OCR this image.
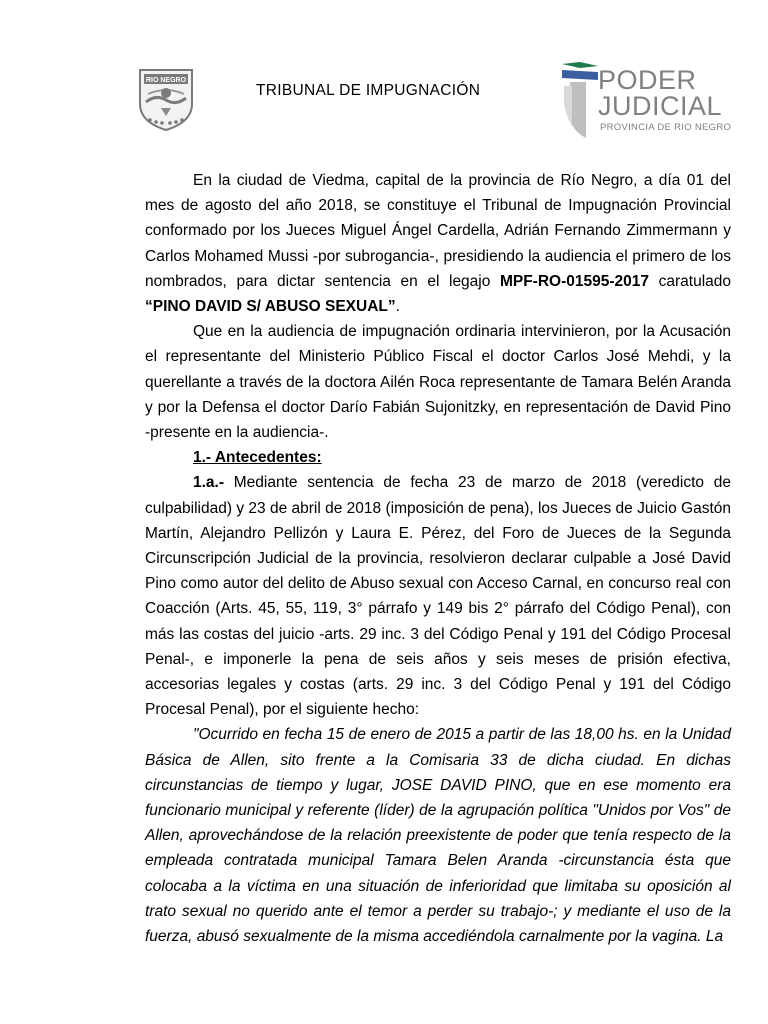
RIO NEGRO
TRIBUNAL DE IMPUGNACIÓN	PODER
JUDICIAL
PROVINCIA DE RIO NEGRO

En la ciudad de Viedma, capital de la provincia de Río Negro, a día 01 del mes de agosto del año 2018, se constituye el Tribunal de Impugnación Provincial conformado por los Jueces Miguel Ángel Cardella, Adrián Fernando Zimmermann y Carlos Mohamed Mussi -por subrogancia-, presidiendo la audiencia el primero de los nombrados, para dictar sentencia en el legajo MPF-RO-01595-2017 caratulado “PINO DAVID S/ ABUSO SEXUAL”.

Que en la audiencia de impugnación ordinaria intervinieron, por la Acusación el representante del Ministerio Público Fiscal el doctor Carlos José Mehdi, y la querellante a través de la doctora Ailén Roca representante de Tamara Belén Aranda y por la Defensa el doctor Darío Fabián Sujonitzky, en representación de David Pino -presente en la audiencia-.

1.- Antecedentes:

1.a.- Mediante sentencia de fecha 23 de marzo de 2018 (veredicto de culpabilidad) y 23 de abril de 2018 (imposición de pena), los Jueces de Juicio Gastón Martín, Alejandro Pellizón y Laura E. Pérez, del Foro de Jueces de la Segunda Circunscripción Judicial de la provincia, resolvieron declarar culpable a José David Pino como autor del delito de Abuso sexual con Acceso Carnal, en concurso real con Coacción (Arts. 45, 55, 119, 3° párrafo y 149 bis 2° párrafo del Código Penal), con más las costas del juicio -arts. 29 inc. 3 del Código Penal y 191 del Código Procesal Penal-, e imponerle la pena de seis años y seis meses de prisión efectiva, accesorias legales y costas (arts. 29 inc. 3 del Código Penal y 191 del Código Procesal Penal), por el siguiente hecho:

"Ocurrido en fecha 15 de enero de 2015 a partir de las 18,00 hs. en la Unidad Básica de Allen, sito frente a la Comisaria 33 de dicha ciudad. En dichas circunstancias de tiempo y lugar, JOSE DAVID PINO, que en ese momento era funcionario municipal y referente (líder) de la agrupación política "Unidos por Vos" de Allen, aprovechándose de la relación preexistente de poder que tenía respecto de la empleada contratada municipal Tamara Belen Aranda -circunstancia ésta que colocaba a la víctima en una situación de inferioridad que limitaba su oposición al trato sexual no querido ante el temor a perder su trabajo-; y mediante el uso de la fuerza, abusó sexualmente de la misma accediéndola carnalmente por la vagina. La
